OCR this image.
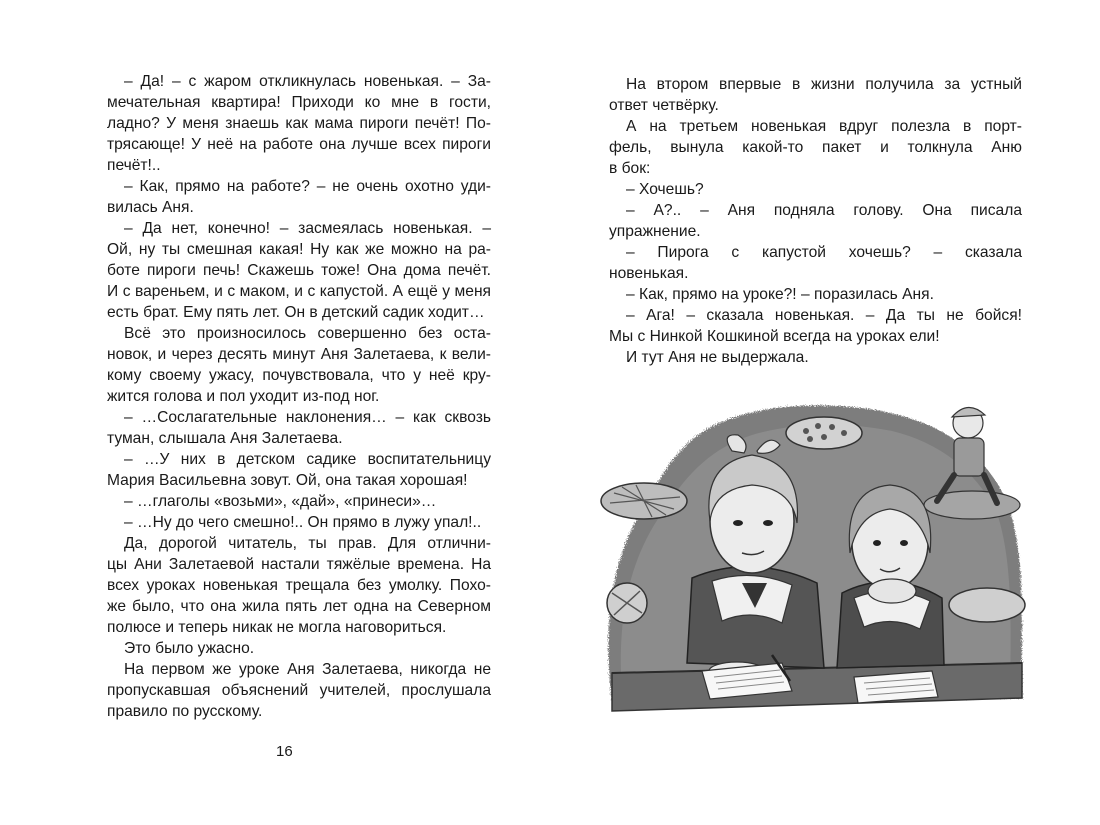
– Да! – с жаром откликнулась новенькая. – За-

мечательная квартира! Приходи ко мне в гости,

ладно? У меня знаешь как мама пироги печёт! По-

трясающе! У неё на работе она лучше всех пироги

печёт!..

– Как, прямо на работе? – не очень охотно уди-

вилась Аня.

– Да нет, конечно! – засмеялась новенькая. –

Ой, ну ты смешная какая! Ну как же можно на ра-

боте пироги печь! Скажешь тоже! Она дома печёт.

И с вареньем, и с маком, и с капустой. А ещё у меня

есть брат. Ему пять лет. Он в детский садик ходит…

Всё это произносилось совершенно без оста-

новок, и через десять минут Аня Залетаева, к вели-

кому своему ужасу, почувствовала, что у неё кру-

жится голова и пол уходит из-под ног.

– …Сослагательные наклонения… – как сквозь

туман, слышала Аня Залетаева.

– …У них в детском садике воспитательницу

Мария Васильевна зовут. Ой, она такая хорошая!

– …глаголы «возьми», «дай», «принеси»…

– …Ну до чего смешно!.. Он прямо в лужу упал!..

Да, дорогой читатель, ты прав. Для отлични-

цы Ани Залетаевой настали тяжёлые времена. На

всех уроках новенькая трещала без умолку. Похо-

же было, что она жила пять лет одна на Северном

полюсе и теперь никак не могла наговориться.

Это было ужасно.

На первом же уроке Аня Залетаева, никогда не

пропускавшая объяснений учителей, прослушала

правило по русскому.

16

На втором впервые в жизни получила за устный

ответ четвёрку.

А на третьем новенькая вдруг полезла в порт-

фель, вынула какой-то пакет и толкнула Аню

в бок:

– Хочешь?

– А?.. – Аня подняла голову. Она писала

упражнение.

– Пирога с капустой хочешь? – сказала

новенькая.

– Как, прямо на уроке?! – поразилась Аня.

– Ага! – сказала новенькая. – Да ты не бойся!

Мы с Нинкой Кошкиной всегда на уроках ели!

И тут Аня не выдержала.
